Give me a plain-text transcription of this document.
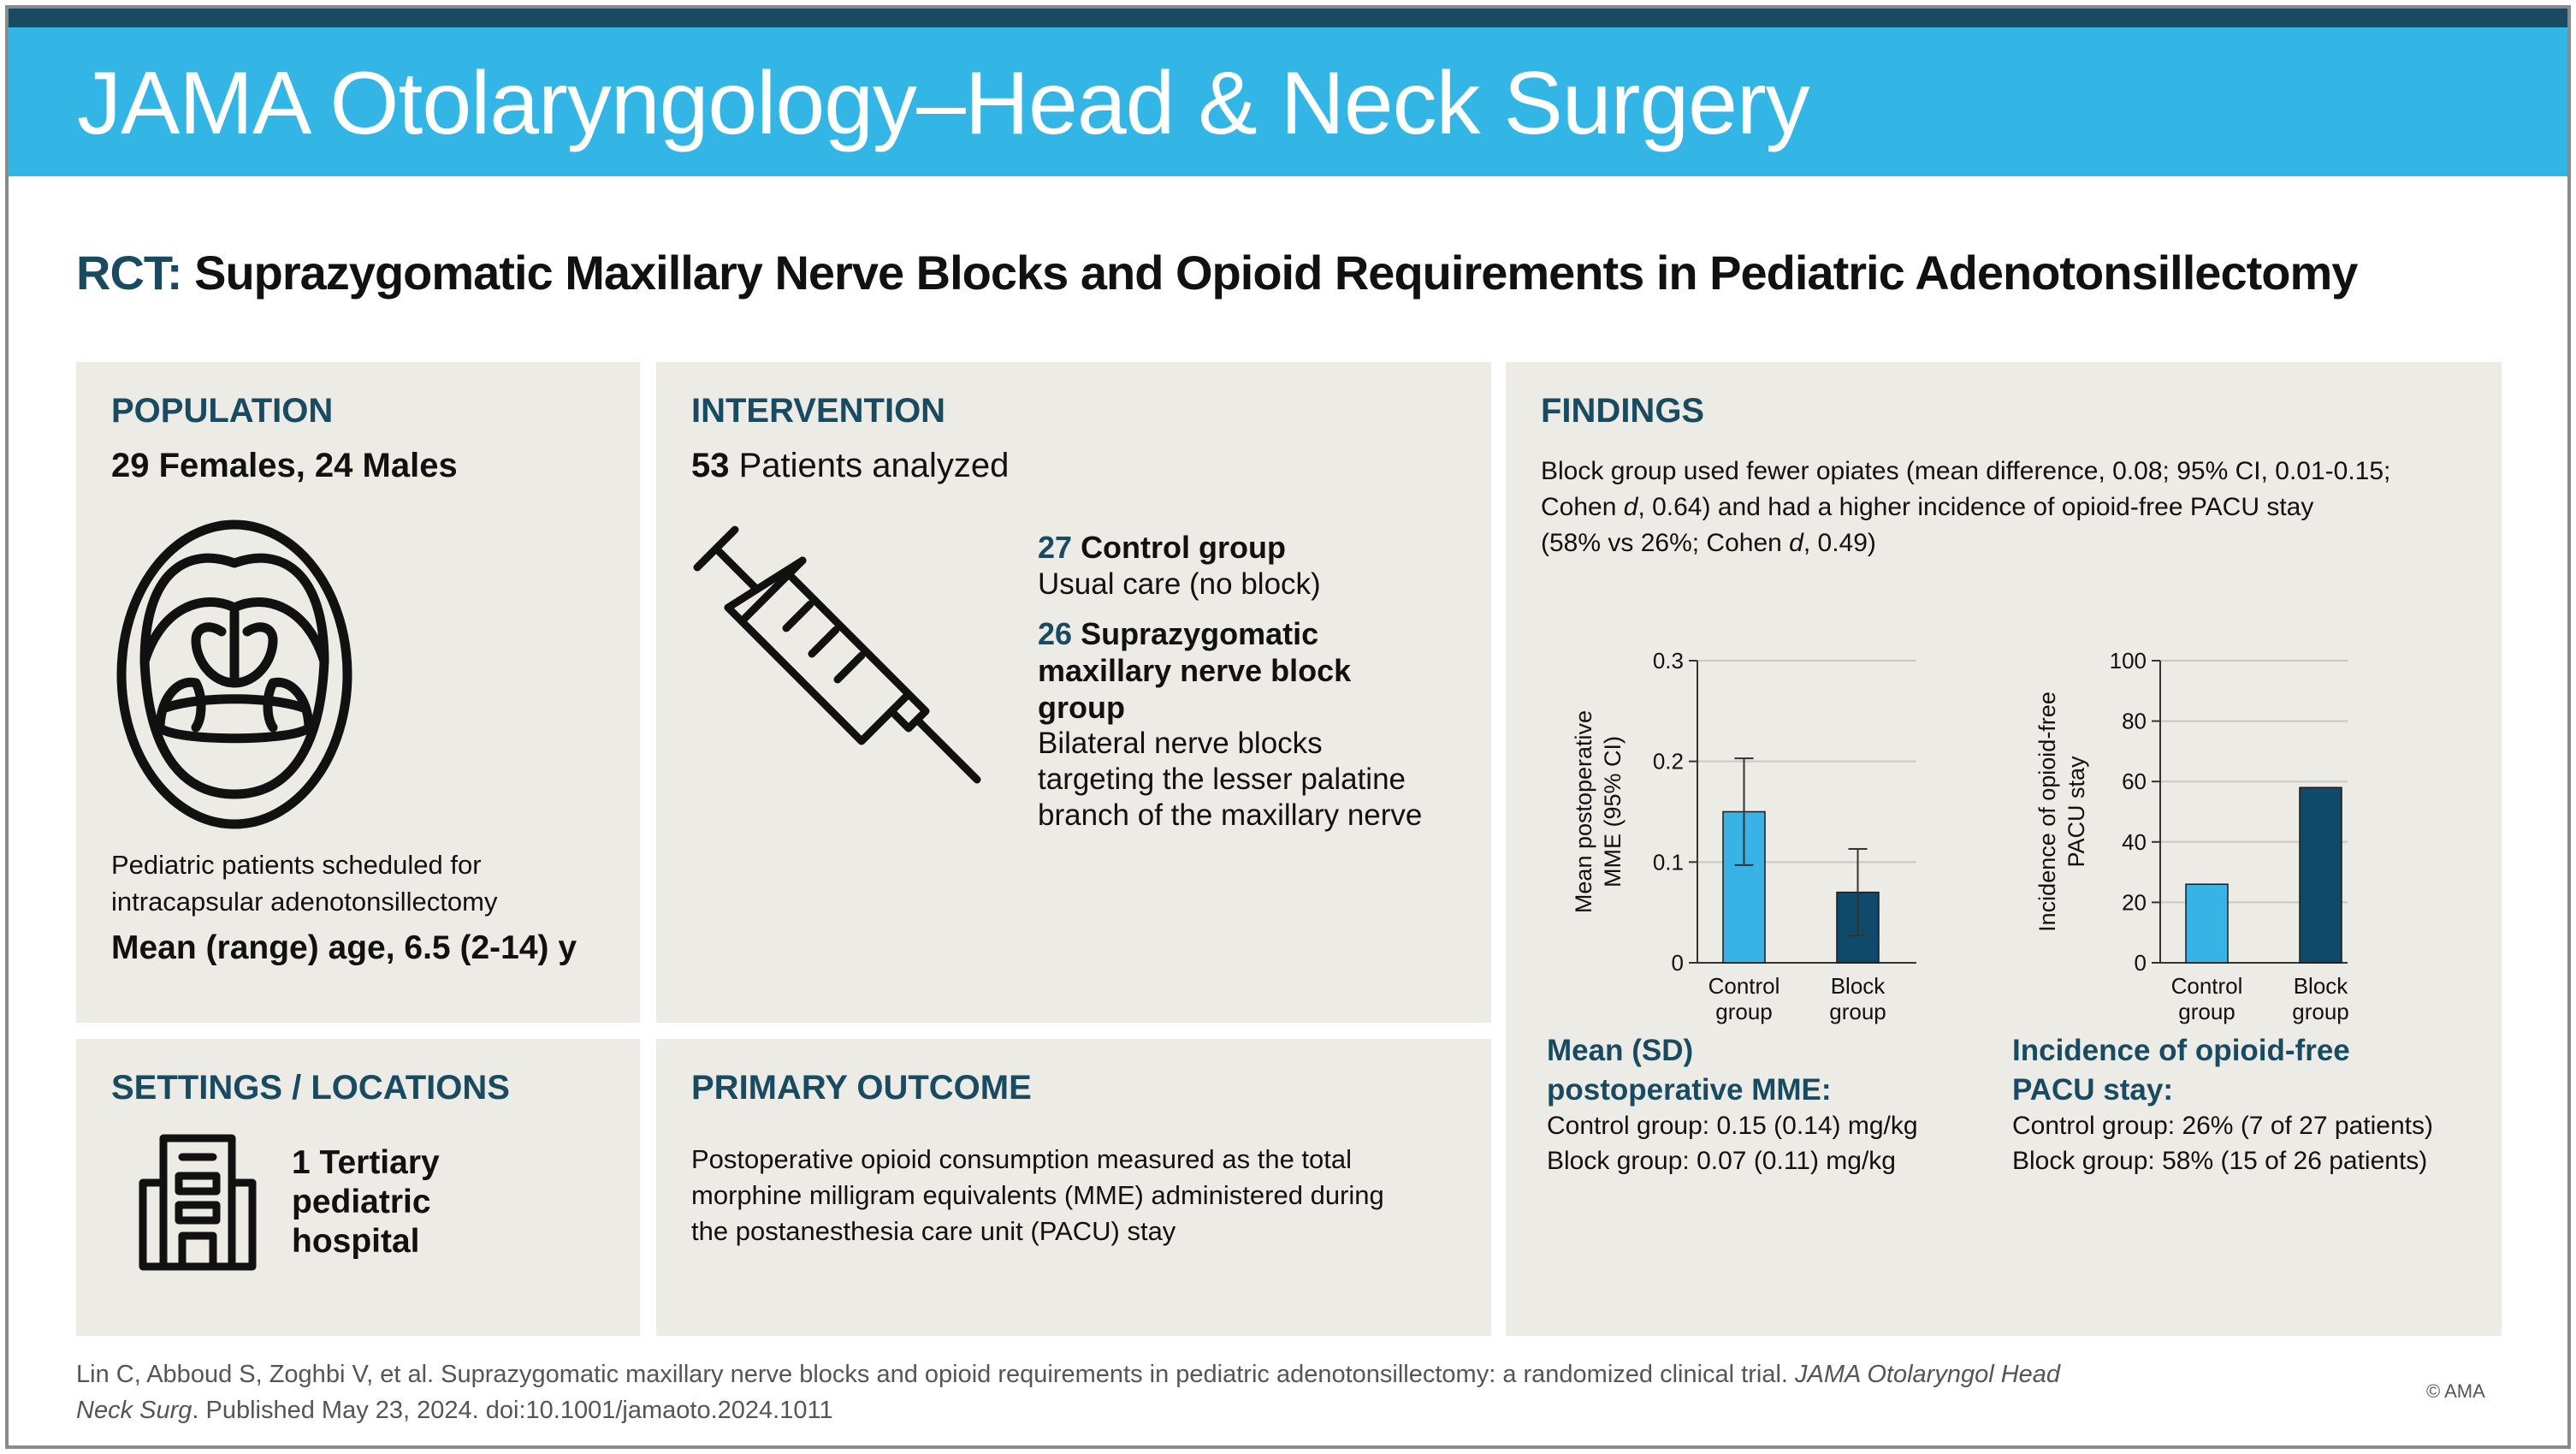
JAMA Otolaryngology–Head & Neck Surgery
RCT: Suprazygomatic Maxillary Nerve Blocks and Opioid Requirements in Pediatric Adenotonsillectomy
POPULATION
29 Females, 24 Males
Pediatric patients scheduled for
intracapsular adenotonsillectomy
Mean (range) age, 6.5 (2-14) y
INTERVENTION
53 Patients analyzed
27 Control group
Usual care (no block)
26 Suprazygomatic
maxillary nerve block
group
Bilateral nerve blocks
targeting the lesser palatine
branch of the maxillary nerve
FINDINGS
Block group used fewer opiates (mean difference, 0.08; 95% CI, 0.01-0.15;
Cohen d, 0.64) and had a higher incidence of opioid-free PACU stay
(58% vs 26%; Cohen d, 0.49)
0
0.1
0.2
0.3
Mean postoperative MME (95% CI)
Control
group
Block
group
0
20
40
60
80
100
Incidence of opioid-free PACU stay
Control
group
Block
group
Mean (SD)
postoperative MME:
Control group: 0.15 (0.14) mg/kg
Block group: 0.07 (0.11) mg/kg
Incidence of opioid-free
PACU stay:
Control group: 26% (7 of 27 patients)
Block group: 58% (15 of 26 patients)
SETTINGS / LOCATIONS
1 Tertiary
pediatric
hospital
PRIMARY OUTCOME
Postoperative opioid consumption measured as the total
morphine milligram equivalents (MME) administered during
the postanesthesia care unit (PACU) stay
Lin C, Abboud S, Zoghbi V, et al. Suprazygomatic maxillary nerve blocks and opioid requirements in pediatric adenotonsillectomy: a randomized clinical trial. JAMA Otolaryngol Head
Neck Surg. Published May 23, 2024. doi:10.1001/jamaoto.2024.1011
© AMA
